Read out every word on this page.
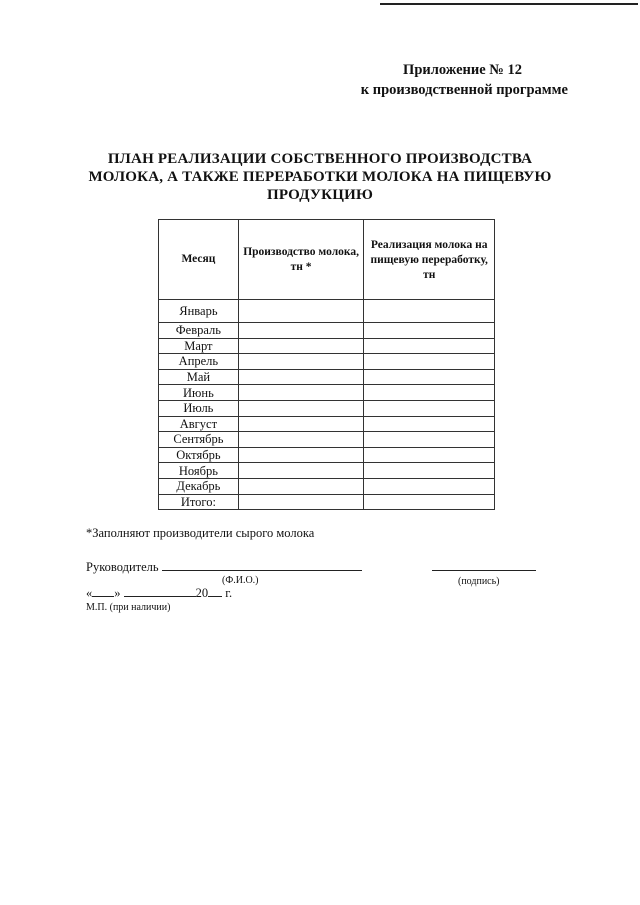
Приложение № 12
к производственной программе
ПЛАН РЕАЛИЗАЦИИ СОБСТВЕННОГО ПРОИЗВОДСТВА
МОЛОКА, А ТАКЖЕ ПЕРЕРАБОТКИ МОЛОКА НА ПИЩЕВУЮ
ПРОДУКЦИЮ
Месяц	Производство молока, тн *	Реализация молока на пищевую переработку, тн
Январь		
Февраль		
Март		
Апрель		
Май		
Июнь		
Июль		
Август		
Сентябрь		
Октябрь		
Ноябрь		
Декабрь		
Итого:		
*Заполняют производители сырого молока
Руководитель
(Ф.И.О.)	(подпись)
« »	20 г.
М.П. (при наличии)
